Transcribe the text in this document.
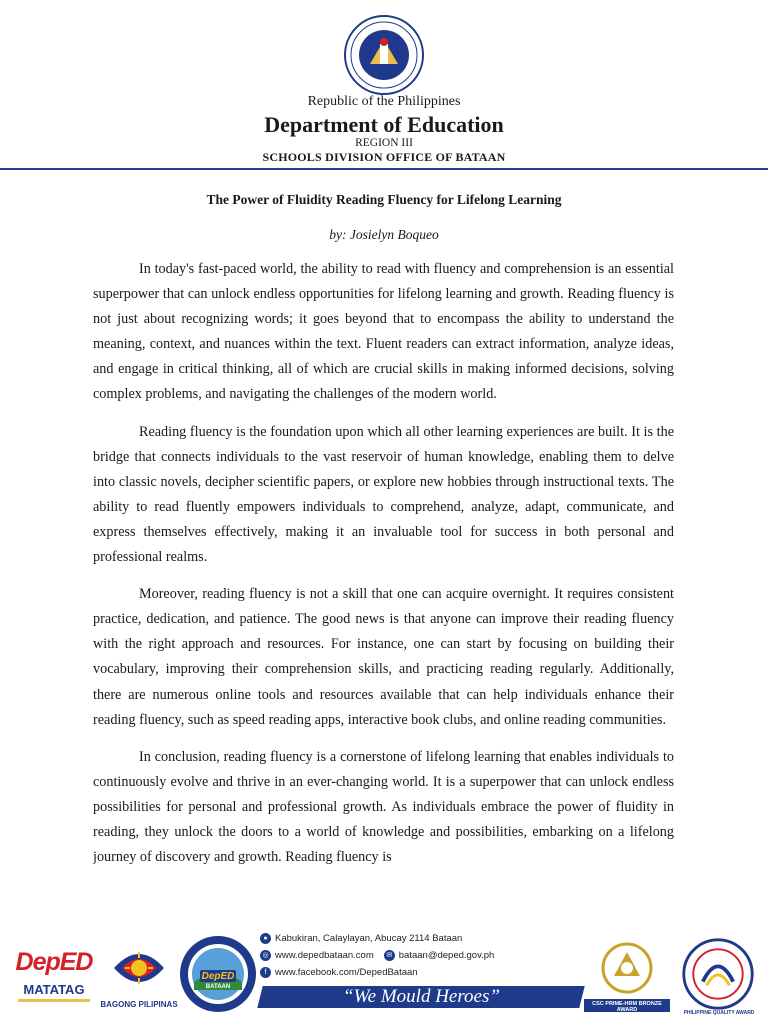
Republic of the Philippines
Department of Education
REGION III
SCHOOLS DIVISION OFFICE OF BATAAN
The Power of Fluidity Reading Fluency for Lifelong Learning
by: Josielyn Boqueo

In today's fast-paced world, the ability to read with fluency and comprehension is an essential superpower that can unlock endless opportunities for lifelong learning and growth. Reading fluency is not just about recognizing words; it goes beyond that to encompass the ability to understand the meaning, context, and nuances within the text. Fluent readers can extract information, analyze ideas, and engage in critical thinking, all of which are crucial skills in making informed decisions, solving complex problems, and navigating the challenges of the modern world.

Reading fluency is the foundation upon which all other learning experiences are built. It is the bridge that connects individuals to the vast reservoir of human knowledge, enabling them to delve into classic novels, decipher scientific papers, or explore new hobbies through instructional texts. The ability to read fluently empowers individuals to comprehend, analyze, adapt, communicate, and express themselves effectively, making it an invaluable tool for success in both personal and professional realms.

Moreover, reading fluency is not a skill that one can acquire overnight. It requires consistent practice, dedication, and patience. The good news is that anyone can improve their reading fluency with the right approach and resources. For instance, one can start by focusing on building their vocabulary, improving their comprehension skills, and practicing reading regularly. Additionally, there are numerous online tools and resources available that can help individuals enhance their reading fluency, such as speed reading apps, interactive book clubs, and online reading communities.

In conclusion, reading fluency is a cornerstone of lifelong learning that enables individuals to continuously evolve and thrive in an ever-changing world. It is a superpower that can unlock endless possibilities for personal and professional growth. As individuals embrace the power of fluidity in reading, they unlock the doors to a world of knowledge and possibilities, embarking on a lifelong journey of discovery and growth. Reading fluency is

DepED
MATATAG
BAGONG PILIPINAS
DepED
BATAAN
● Kabukiran, Calaylayan, Abucay 2114 Bataan
◎ www.depedbataan.com	✉ bataan@deped.gov.ph
f www.facebook.com/DepedBataan
“We Mould Heroes”	CSC PRIME-HRM BRONZE AWARD	PHILIPPINE QUALITY AWARD
